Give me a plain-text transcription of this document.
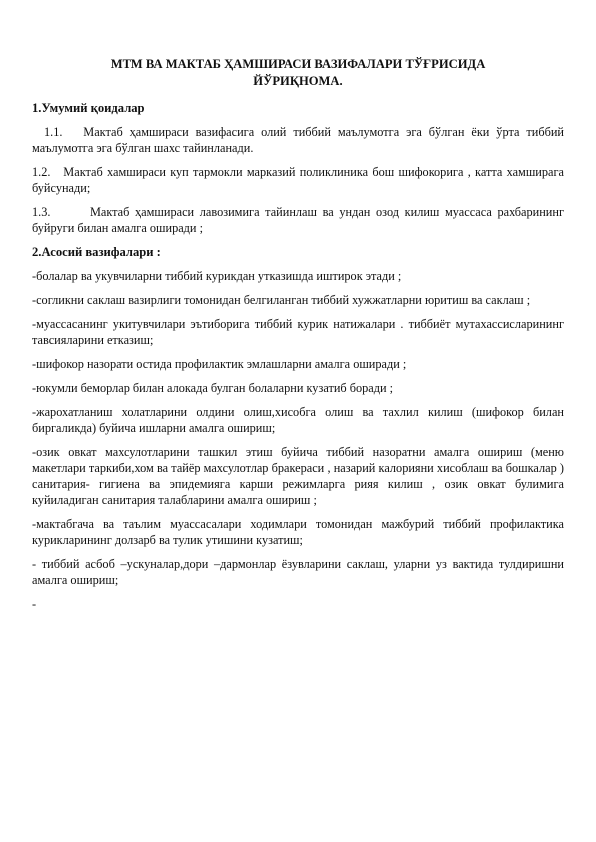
МТМ ВА МАКТАБ ҲАМШИРАСИ ВАЗИФАЛАРИ ТЎҒРИСИДА
ЙЎРИҚНОМА.
1.Умумий қоидалар
1.1. Мактаб ҳамшираси вазифасига олий тиббий маълумотга эга бўлган ёки ўрта тиббий маълумотга эга бўлган шахс тайинланади.
1.2. Мактаб хамшираси куп тармокли марказий поликлиника бош шифокорига , катта хамширага буйсунади;
1.3.	Мактаб ҳамшираси лавозимига тайинлаш ва ундан озод килиш муассаса рахбарининг буйруги билан амалга оширади ;
2.Асосий вазифалари :
-болалар ва укувчиларни тиббий курикдан утказишда иштирок этади ;
-согликни саклаш вазирлиги томонидан белгиланган тиббий хужжатларни юритиш ва саклаш ;
-муассасанинг укитувчилари эътиборига тиббий курик натижалари . тиббиёт мутахассисларининг тавсияларини етказиш;
-шифокор назорати остида профилактик эмлашларни амалга оширади ;
-юкумли беморлар билан алокада булган болаларни кузатиб боради ;
-жарохатланиш холатларини олдини олиш,хисобга олиш ва тахлил килиш (шифокор билан биргаликда) буйича ишларни амалга ошириш;
-озик овкат махсулотларини ташкил этиш буйича тиббий назоратни амалга ошириш (меню макетлари таркиби,хом ва тайёр махсулотлар бракераси , назарий калорияни хисоблаш ва бошкалар ) санитария- гигиена ва эпидемияга карши режимларга рияя килиш , озик овкат булимига куйиладиган санитария талабларини амалга ошириш ;
-мактабгача ва таълим муассасалари ходимлари томонидан мажбурий тиббий профилактика курикларининг долзарб ва тулик утишини кузатиш;
- тиббий асбоб –ускуналар,дори –дармонлар ёзувларини саклаш, уларни уз вактида тулдиришни амалга ошириш;
-
